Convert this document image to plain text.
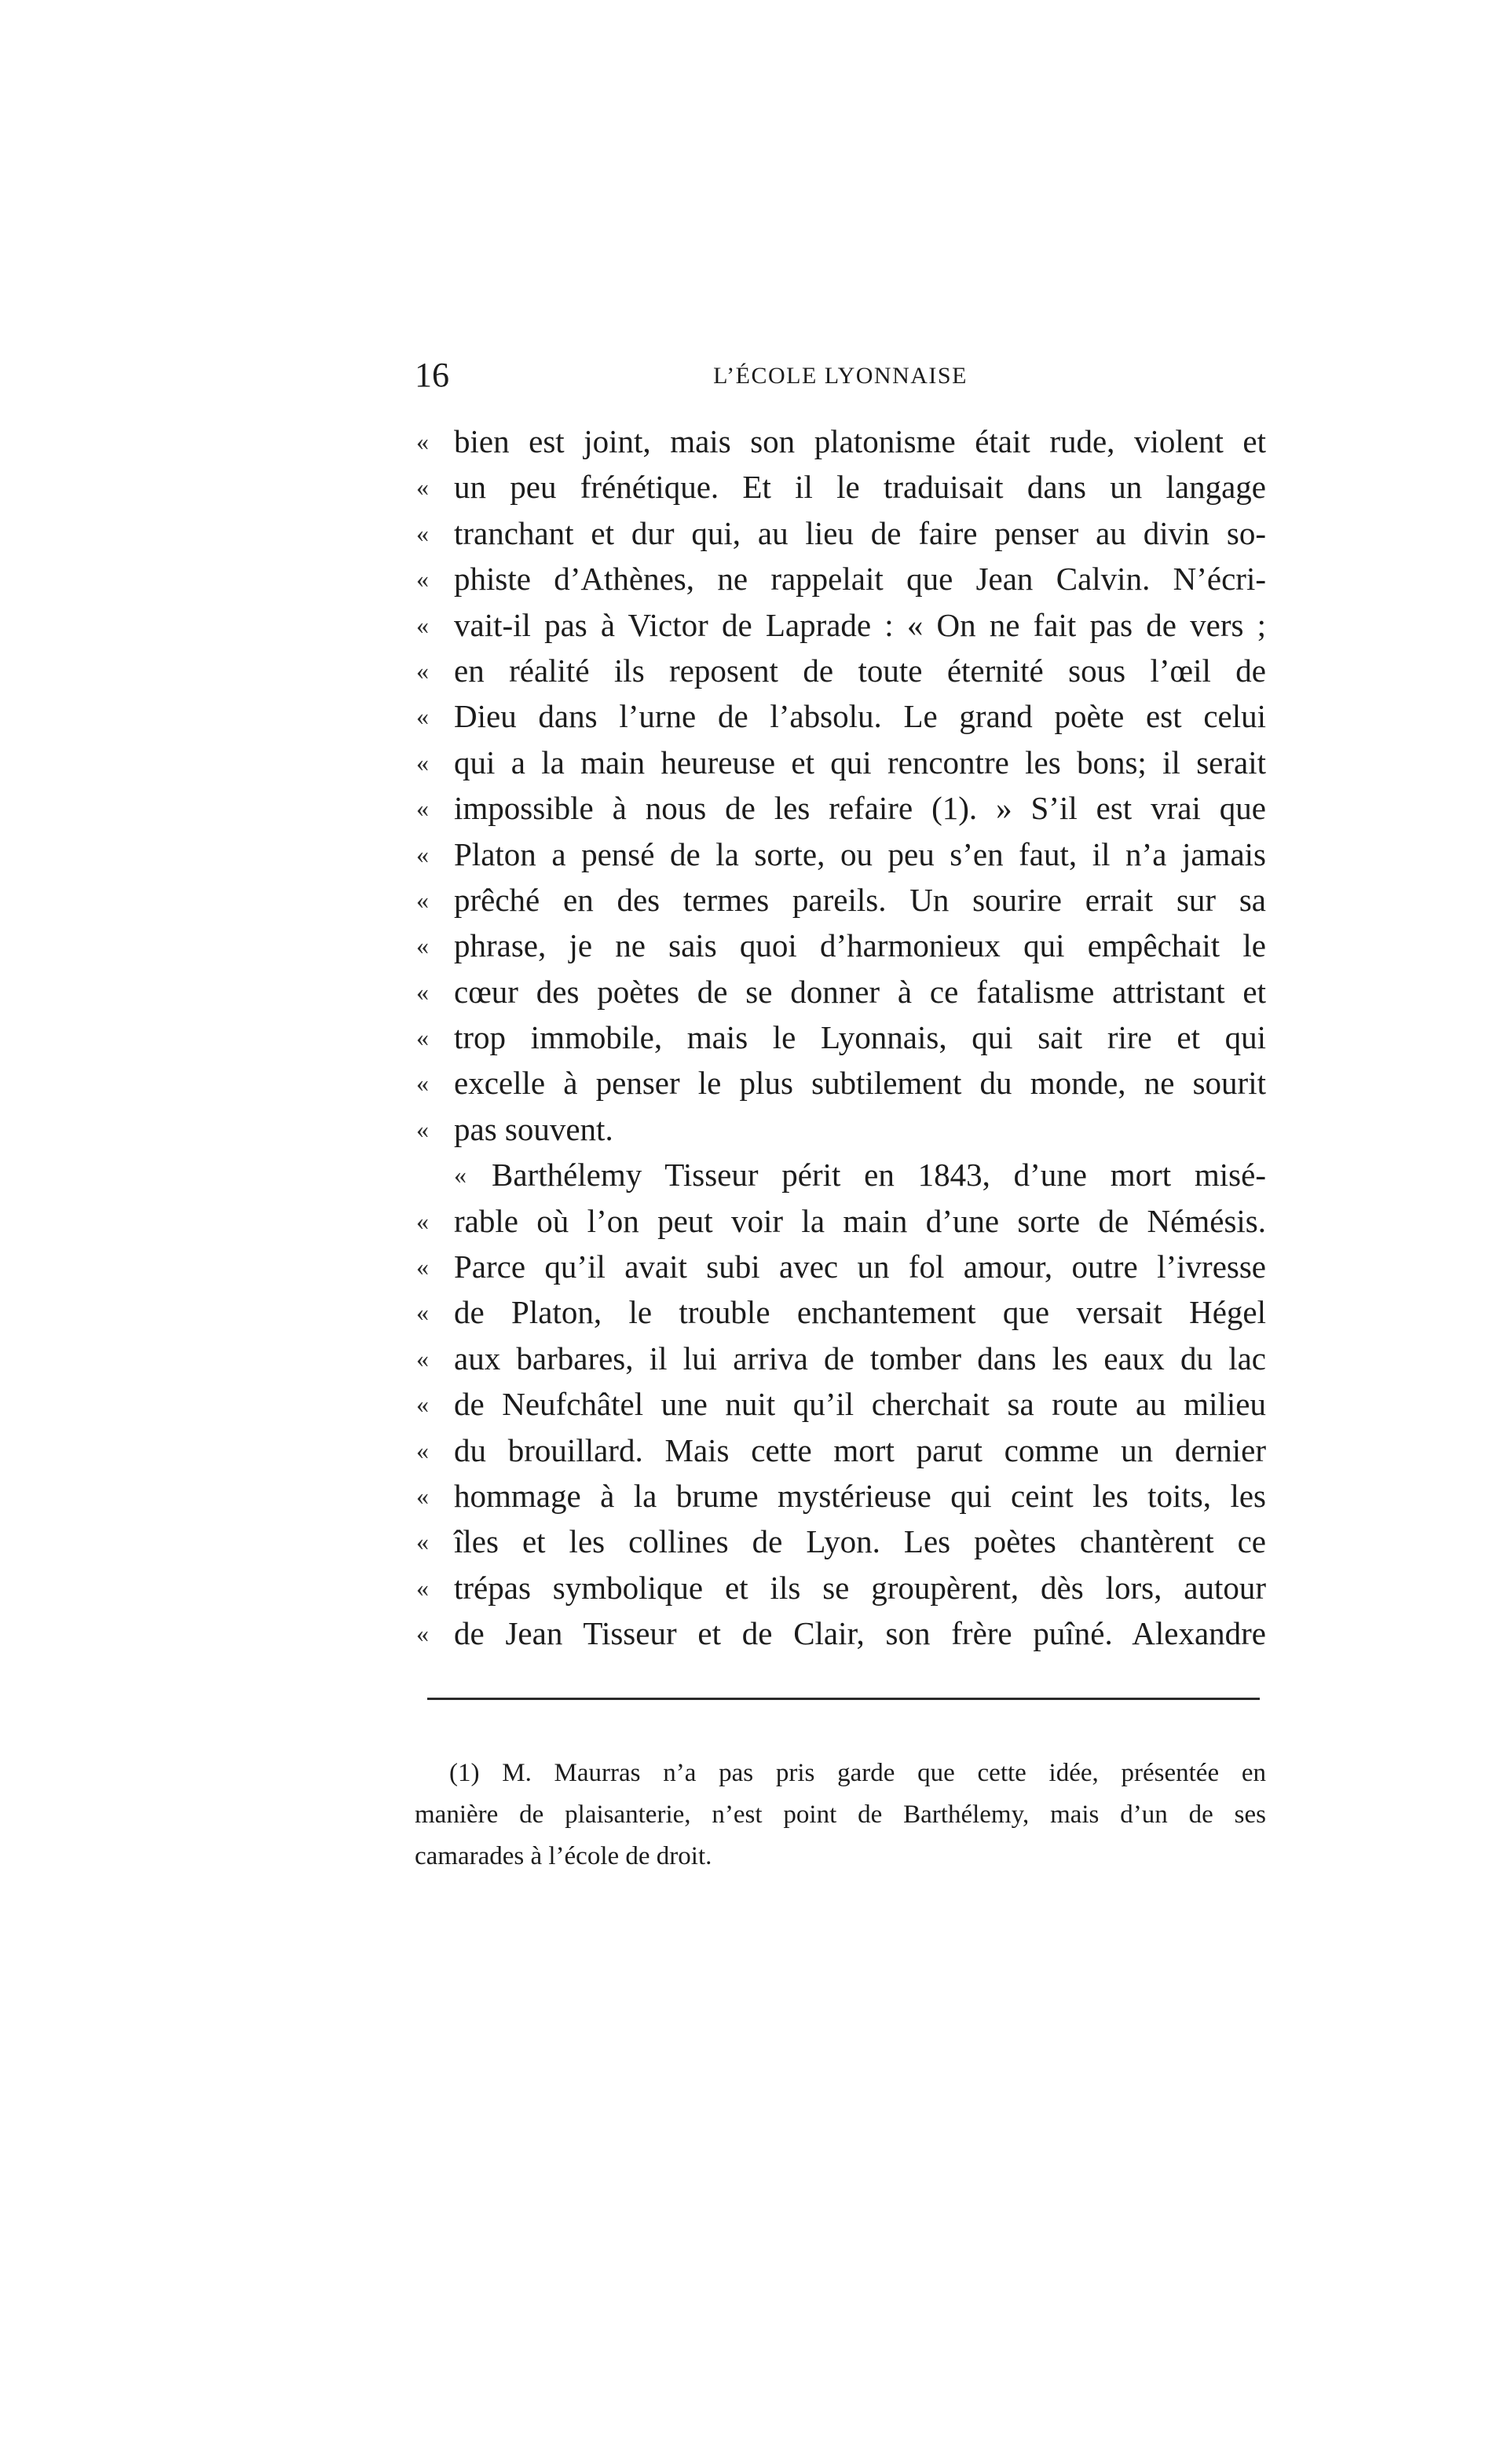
16	L’ÉCOLE LYONNAISE
« bien est joint, mais son platonisme était rude, violent et
« un peu frénétique. Et il le traduisait dans un langage
« tranchant et dur qui, au lieu de faire penser au divin so-
« phiste d’Athènes, ne rappelait que Jean Calvin. N’écri-
« vait-il pas à Victor de Laprade : « On ne fait pas de vers ;
« en réalité ils reposent de toute éternité sous l’œil de
« Dieu dans l’urne de l’absolu. Le grand poète est celui
« qui a la main heureuse et qui rencontre les bons; il serait
« impossible à nous de les refaire (1). » S’il est vrai que
« Platon a pensé de la sorte, ou peu s’en faut, il n’a jamais
« prêché en des termes pareils. Un sourire errait sur sa
« phrase, je ne sais quoi d’harmonieux qui empêchait le
« cœur des poètes de se donner à ce fatalisme attristant et
« trop immobile, mais le Lyonnais, qui sait rire et qui
« excelle à penser le plus subtilement du monde, ne sourit
« pas souvent.
« Barthélemy Tisseur périt en 1843, d’une mort misé-
« rable où l’on peut voir la main d’une sorte de Némésis.
« Parce qu’il avait subi avec un fol amour, outre l’ivresse
« de Platon, le trouble enchantement que versait Hégel
« aux barbares, il lui arriva de tomber dans les eaux du lac
« de Neufchâtel une nuit qu’il cherchait sa route au milieu
« du brouillard. Mais cette mort parut comme un dernier
« hommage à la brume mystérieuse qui ceint les toits, les
« îles et les collines de Lyon. Les poètes chantèrent ce
« trépas symbolique et ils se groupèrent, dès lors, autour
« de Jean Tisseur et de Clair, son frère puîné. Alexandre
(1) M. Maurras n’a pas pris garde que cette idée, présentée en
manière de plaisanterie, n’est point de Barthélemy, mais d’un de ses
camarades à l’école de droit.
